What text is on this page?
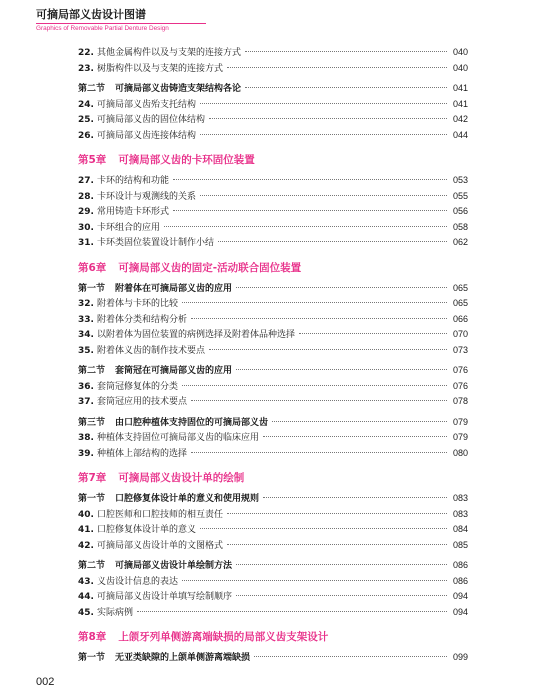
可摘局部义齿设计图谱
Graphics of Removable Partial Denture Design
22. 其他金属构件以及与支架的连接方式	040
23. 树脂构件以及与支架的连接方式	040
第二节 可摘局部义齿铸造支架结构各论	041
24. 可摘局部义齿殆支托结构	041
25. 可摘局部义齿的固位体结构	042
26. 可摘局部义齿连接体结构	044
第5章 可摘局部义齿的卡环固位装置
27. 卡环的结构和功能	053
28. 卡环设计与观测线的关系	055
29. 常用铸造卡环形式	056
30. 卡环组合的应用	058
31. 卡环类固位装置设计制作小结	062
第6章 可摘局部义齿的固定-活动联合固位装置
第一节 附着体在可摘局部义齿的应用	065
32. 附着体与卡环的比较	065
33. 附着体分类和结构分析	066
34. 以附着体为固位装置的病例选择及附着体品种选择	070
35. 附着体义齿的制作技术要点	073
第二节 套筒冠在可摘局部义齿的应用	076
36. 套筒冠修复体的分类	076
37. 套筒冠应用的技术要点	078
第三节 由口腔种植体支持固位的可摘局部义齿	079
38. 种植体支持固位可摘局部义齿的临床应用	079
39. 种植体上部结构的选择	080
第7章 可摘局部义齿设计单的绘制
第一节 口腔修复体设计单的意义和使用规则	083
40. 口腔医师和口腔技师的相互责任	083
41. 口腔修复体设计单的意义	084
42. 可摘局部义齿设计单的文图格式	085
第二节 可摘局部义齿设计单绘制方法	086
43. 义齿设计信息的表达	086
44. 可摘局部义齿设计单填写绘制顺序	094
45. 实际病例	094
第8章 上颌牙列单侧游离端缺损的局部义齿支架设计
第一节 无亚类缺隙的上颌单侧游离端缺损	099
002
